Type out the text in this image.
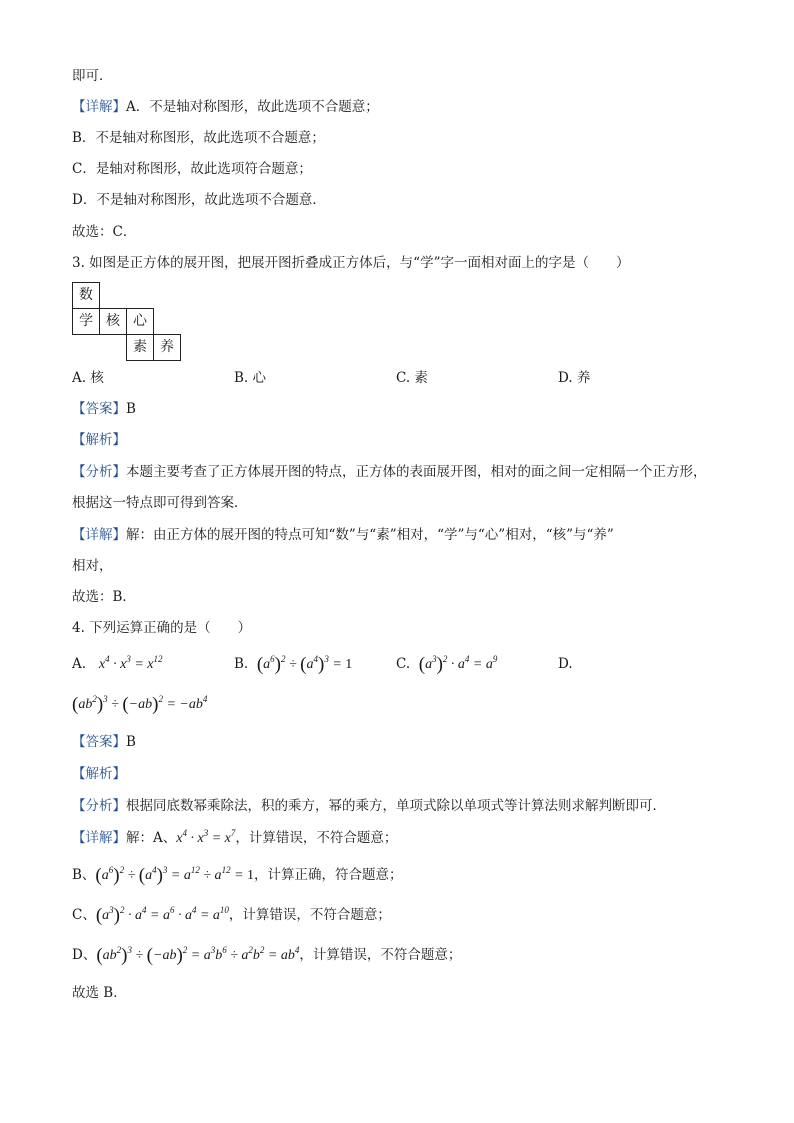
即可．
【详解】A．不是轴对称图形，故此选项不合题意；
B．不是轴对称图形，故此选项不合题意；
C．是轴对称图形，故此选项符合题意；
D．不是轴对称图形，故此选项不合题意．
故选：C．
3. 如图是正方体的展开图，把展开图折叠成正方体后，与“学”字一面相对面上的字是（　　）
数
学 核 心
素 养
A. 核	B. 心	C. 素	D. 养
【答案】B
【解析】
【分析】本题主要考查了正方体展开图的特点，正方体的表面展开图，相对的面之间一定相隔一个正方形，
根据这一特点即可得到答案．
【详解】解：由正方体的展开图的特点可知“数”与“素”相对，“学”与“心”相对，“核”与“养”
相对，
故选：B．
4. 下列运算正确的是（　　）
A. $x^4 \cdot x^3 = x^{12}$	B. $(a^6)^2 \div (a^4)^3 = 1$	C. $(a^3)^2 \cdot a^4 = a^9$	D.
$(ab^2)^3 \div (-ab)^2 = -ab^4$
【答案】B
【解析】
【分析】根据同底数幂乘除法，积的乘方，幂的乘方，单项式除以单项式等计算法则求解判断即可．
【详解】解：A、$x^4 \cdot x^3 = x^7$，计算错误，不符合题意；
B、$(a^6)^2 \div (a^4)^3 = a^{12} \div a^{12} = 1$，计算正确，符合题意；
C、$(a^3)^2 \cdot a^4 = a^6 \cdot a^4 = a^{10}$，计算错误，不符合题意；
D、$(ab^2)^3 \div (-ab)^2 = a^3b^6 \div a^2b^2 = ab^4$，计算错误，不符合题意；
故选 B．
